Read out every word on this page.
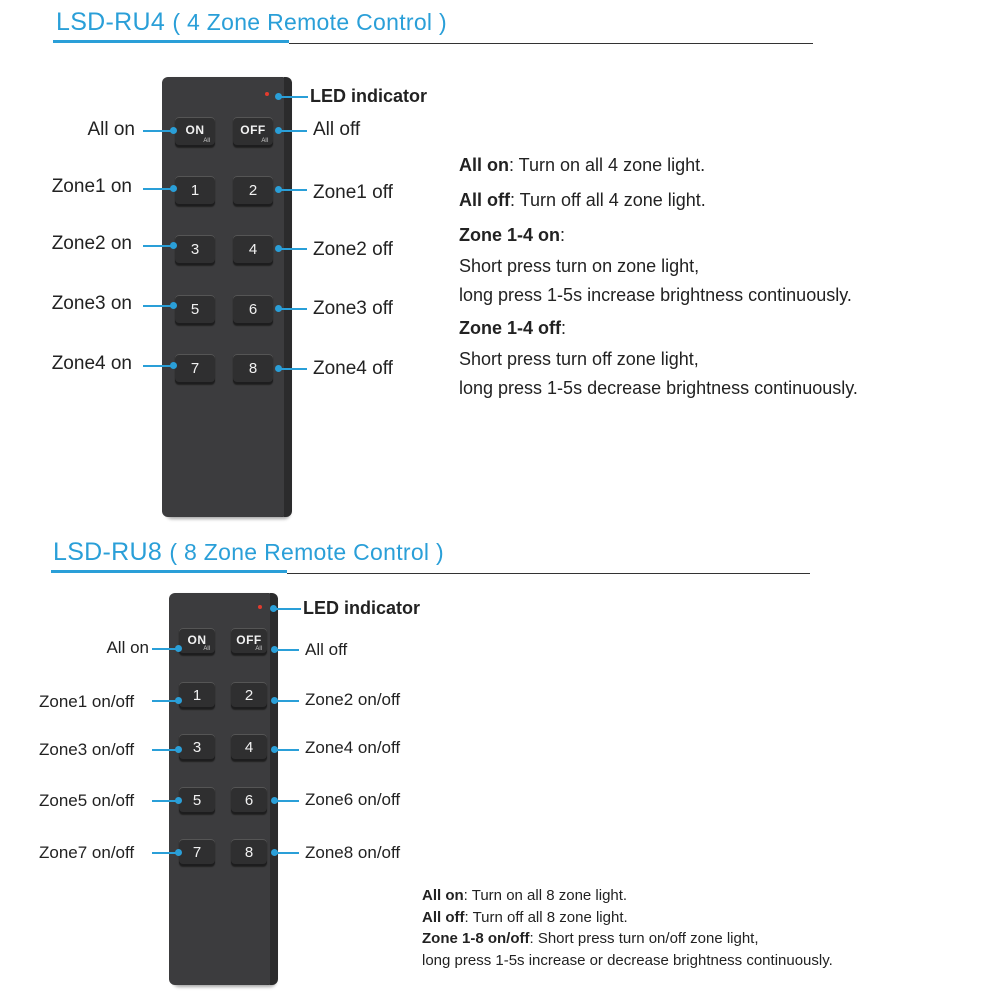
LSD-RU4 ( 4 Zone Remote Control )
ON
All
OFF
All
1	2
3	4
5	6
7	8
LED indicator
All on
Zone1 on
Zone2 on
Zone3 on
Zone4 on
All off
Zone1 off
Zone2 off
Zone3 off
Zone4 off
All on: Turn on all 4 zone light.
All off: Turn off all 4 zone light.
Zone 1-4 on:
Short press turn on zone light,
long press 1-5s increase brightness continuously.
Zone 1-4 off:
Short press turn off zone light,
long press 1-5s decrease brightness continuously.
LSD-RU8 ( 8 Zone Remote Control )
ON
All
OFF
All
1	2
3	4
5	6
7	8
LED indicator
All on
Zone1 on/off
Zone3 on/off
Zone5 on/off
Zone7 on/off
All off
Zone2 on/off
Zone4 on/off
Zone6 on/off
Zone8 on/off
All on: Turn on all 8 zone light.
All off: Turn off all 8 zone light.
Zone 1-8 on/off: Short press turn on/off zone light,
long press 1-5s increase or decrease brightness continuously.
